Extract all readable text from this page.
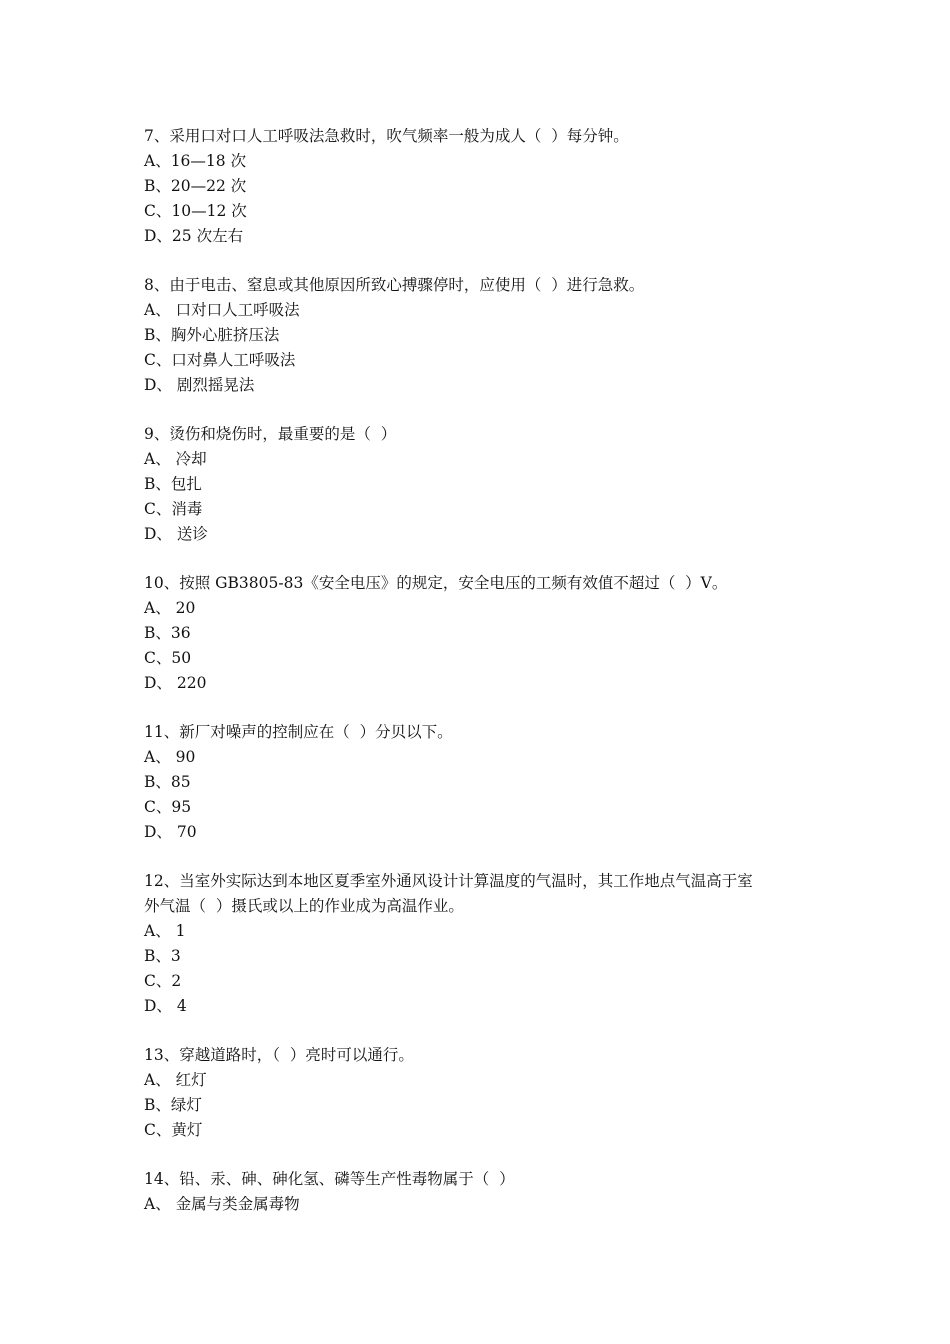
7、采用口对口人工呼吸法急救时，吹气频率一般为成人（  ）每分钟。
A、16—18 次
B、20—22 次
C、10—12 次
D、25 次左右
8、由于电击、窒息或其他原因所致心搏骤停时，应使用（  ）进行急救。
A、 口对口人工呼吸法
B、胸外心脏挤压法
C、口对鼻人工呼吸法
D、 剧烈摇晃法
9、烫伤和烧伤时，最重要的是（  ）
A、 冷却
B、包扎
C、消毒
D、 送诊
10、按照 GB3805-83《安全电压》的规定，安全电压的工频有效值不超过（  ）V。
A、 20
B、36
C、50
D、 220
11、新厂对噪声的控制应在（  ）分贝以下。
A、 90
B、85
C、95
D、 70
12、当室外实际达到本地区夏季室外通风设计计算温度的气温时，其工作地点气温高于室
外气温（  ）摄氏或以上的作业成为高温作业。
A、 1
B、3
C、2
D、 4
13、穿越道路时，（  ）亮时可以通行。
A、 红灯
B、绿灯
C、黄灯
14、铅、汞、砷、砷化氢、磷等生产性毒物属于（  ）
A、 金属与类金属毒物
